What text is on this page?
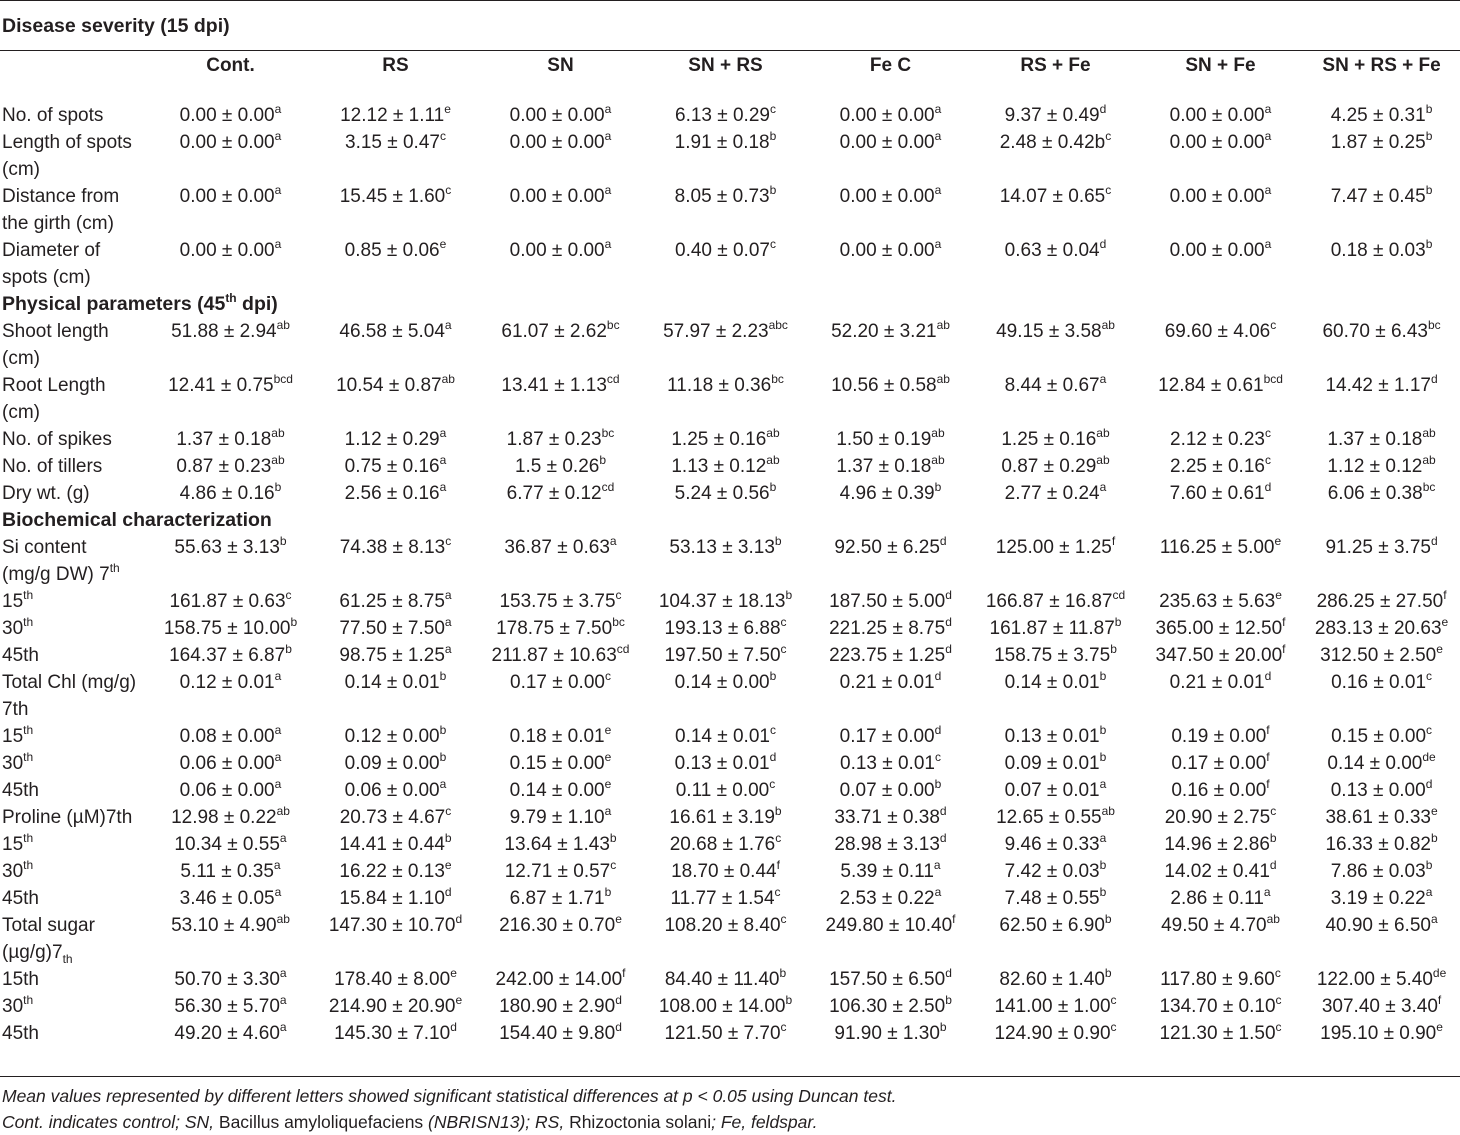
Disease severity (15 dpi)								
	Cont.	RS	SN	SN + RS	Fe C	RS + Fe	SN + Fe	SN + RS + Fe

No. of spots	0.00 ± 0.00$^a$	12.12 ± 1.11$^e$	0.00 ± 0.00$^a$	6.13 ± 0.29$^c$	0.00 ± 0.00$^a$	9.37 ± 0.49$^d$	0.00 ± 0.00$^a$	4.25 ± 0.31$^b$

Length of spots
(cm)	0.00 ± 0.00$^a$	3.15 ± 0.47$^c$	0.00 ± 0.00$^a$	1.91 ± 0.18$^b$	0.00 ± 0.00$^a$	$2.48 \pm 0.42b^c$	0.00 ± 0.00$^a$	1.87 ± 0.25$^b$

Distance from
the girth (cm)	0.00 ± 0.00$^a$	15.45 ± 1.60$^c$	0.00 ± 0.00$^a$	8.05 ± 0.73$^b$	0.00 ± 0.00$^a$	14.07 ± 0.65$^c$	0.00 ± 0.00$^a$	7.47 ± 0.45$^b$

Diameter of
spots (cm)	0.00 ± 0.00$^a$	0.85 ± 0.06$^e$	0.00 ± 0.00$^a$	0.40 ± 0.07$^c$	0.00 ± 0.00$^a$	0.63 ± 0.04$^d$	0.00 ± 0.00$^a$	0.18 ± 0.03$^b$
Physical parameters (45th dpi)								

Shoot length
(cm)	51.88 ± 2.94$^{ab}$	46.58 ± 5.04$^a$	61.07 ± 2.62$^{bc}$	57.97 ± 2.23$^{abc}$	52.20 ± 3.21$^{ab}$	49.15 ± 3.58$^{ab}$	69.60 ± 4.06$^c$	60.70 ± 6.43$^{bc}$

Root Length
(cm)	12.41 ± 0.75$^{bcd}$	10.54 ± 0.87$^{ab}$	13.41 ± 1.13$^{cd}$	11.18 ± 0.36$^{bc}$	10.56 ± 0.58$^{ab}$	8.44 ± 0.67$^a$	12.84 ± 0.61$^{bcd}$	14.42 ± 1.17$^d$

No. of spikes	1.37 ± 0.18$^{ab}$	1.12 ± 0.29$^a$	1.87 ± 0.23$^{bc}$	1.25 ± 0.16$^{ab}$	1.50 ± 0.19$^{ab}$	1.25 ± 0.16$^{ab}$	2.12 ± 0.23$^c$	1.37 ± 0.18$^{ab}$

No. of tillers	0.87 ± 0.23$^{ab}$	0.75 ± 0.16$^a$	1.5 ± 0.26$^b$	1.13 ± 0.12$^{ab}$	1.37 ± 0.18$^{ab}$	0.87 ± 0.29$^{ab}$	2.25 ± 0.16$^c$	1.12 ± 0.12$^{ab}$

Dry wt. (g)	4.86 ± 0.16$^b$	2.56 ± 0.16$^a$	6.77 ± 0.12$^{cd}$	5.24 ± 0.56$^b$	4.96 ± 0.39$^b$	2.77 ± 0.24$^a$	7.60 ± 0.61$^d$	6.06 ± 0.38$^{bc}$
Biochemical characterization								

Si content
(mg/g DW) 7th	55.63 ± 3.13$^b$	74.38 ± 8.13$^c$	36.87 ± 0.63$^a$	53.13 ± 3.13$^b$	92.50 ± 6.25$^d$	125.00 ± 1.25$^f$	116.25 ± 5.00$^e$	91.25 ± 3.75$^d$

15th	161.87 ± 0.63$^c$	61.25 ± 8.75$^a$	153.75 ± 3.75$^c$	104.37 ± 18.13$^b$	187.50 ± 5.00$^d$	166.87 ± 16.87$^{cd}$	235.63 ± 5.63$^e$	286.25 ± 27.50$^f$

30th	158.75 ± 10.00$^b$	77.50 ± 7.50$^a$	178.75 ± 7.50$^{bc}$	193.13 ± 6.88$^c$	221.25 ± 8.75$^d$	161.87 ± 11.87$^b$	365.00 ± 12.50$^f$	283.13 ± 20.63$^e$

45th	164.37 ± 6.87$^b$	98.75 ± 1.25$^a$	211.87 ± 10.63$^{cd}$	197.50 ± 7.50$^c$	223.75 ± 1.25$^d$	158.75 ± 3.75$^b$	347.50 ± 20.00$^f$	312.50 ± 2.50$^e$

Total Chl (mg/g)
7th	0.12 ± 0.01$^a$	0.14 ± 0.01$^b$	0.17 ± 0.00$^c$	0.14 ± 0.00$^b$	0.21 ± 0.01$^d$	0.14 ± 0.01$^b$	0.21 ± 0.01$^d$	0.16 ± 0.01$^c$

15th	0.08 ± 0.00$^a$	0.12 ± 0.00$^b$	0.18 ± 0.01$^e$	0.14 ± 0.01$^c$	0.17 ± 0.00$^d$	0.13 ± 0.01$^b$	0.19 ± 0.00$^f$	0.15 ± 0.00$^c$

30th	0.06 ± 0.00$^a$	0.09 ± 0.00$^b$	0.15 ± 0.00$^e$	0.13 ± 0.01$^d$	0.13 ± 0.01$^c$	0.09 ± 0.01$^b$	0.17 ± 0.00$^f$	0.14 ± 0.00de

45th	0.06 ± 0.00$^a$	0.06 ± 0.00$^a$	0.14 ± 0.00$^e$	0.11 ± 0.00$^c$	0.07 ± 0.00$^b$	0.07 ± 0.01$^a$	0.16 ± 0.00$^f$	0.13 ± 0.00$^d$

Proline (µM)7th	12.98 ± 0.22$^{ab}$	20.73 ± 4.67$^c$	9.79 ± 1.10$^a$	16.61 ± 3.19$^b$	33.71 ± 0.38$^d$	12.65 ± 0.55$^{ab}$	20.90 ± 2.75$^c$	38.61 ± 0.33$^e$

15th	10.34 ± 0.55$^a$	14.41 ± 0.44$^b$	13.64 ± 1.43$^b$	20.68 ± 1.76$^c$	28.98 ± 3.13$^d$	9.46 ± 0.33$^a$	14.96 ± 2.86$^b$	16.33 ± 0.82$^b$

30th	5.11 ± 0.35$^a$	16.22 ± 0.13$^e$	12.71 ± 0.57$^c$	18.70 ± 0.44$^f$	5.39 ± 0.11$^a$	7.42 ± 0.03$^b$	14.02 ± 0.41$^d$	7.86 ± 0.03$^b$

45th	3.46 ± 0.05$^a$	15.84 ± 1.10$^d$	6.87 ± 1.71$^b$	11.77 ± 1.54$^c$	2.53 ± 0.22$^a$	7.48 ± 0.55$^b$	2.86 ± 0.11$^a$	3.19 ± 0.22$^a$

Total sugar
$(\mu g/g)7_{th}$	53.10 ± 4.90$^{ab}$	147.30 ± 10.70$^d$	216.30 ± 0.70$^e$	108.20 ± 8.40$^c$	249.80 ± 10.40$^f$	62.50 ± 6.90$^b$	49.50 ± 4.70$^{ab}$	40.90 ± 6.50$^a$

15th	50.70 ± 3.30$^a$	178.40 ± 8.00$^e$	242.00 ± 14.00$^f$	84.40 ± 11.40$^b$	157.50 ± 6.50$^d$	82.60 ± 1.40$^b$	117.80 ± 9.60$^c$	122.00 ± 5.40de

30th	56.30 ± 5.70$^a$	214.90 ± 20.90$^e$	180.90 ± 2.90$^d$	108.00 ± 14.00$^b$	106.30 ± 2.50$^b$	141.00 ± 1.00$^c$	134.70 ± 0.10$^c$	307.40 ± 3.40$^f$

45th	49.20 ± 4.60$^a$	145.30 ± 7.10$^d$	154.40 ± 9.80$^d$	121.50 ± 7.70$^c$	91.90 ± 1.30$^b$	124.90 ± 0.90$^c$	121.30 ± 1.50$^c$	195.10 ± 0.90$^e$
Mean values represented by different letters showed significant statistical differences at p < 0.05 using Duncan test.
Cont. indicates control; SN, Bacillus amyloliquefaciens (NBRISN13); RS, Rhizoctonia solani; Fe, feldspar.
